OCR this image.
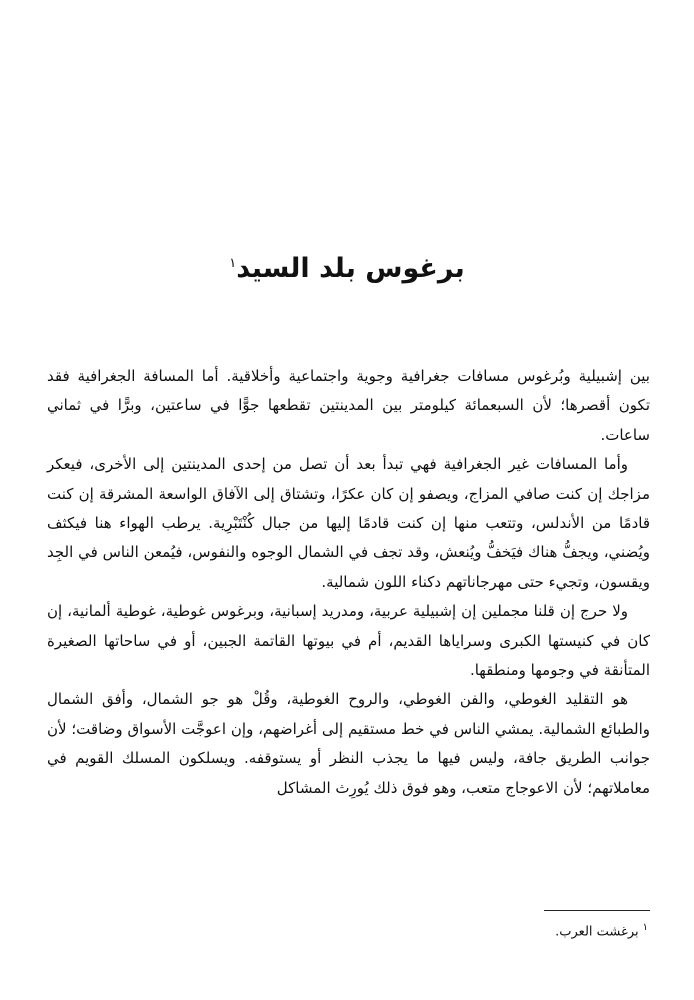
برغوس بلد السيد$^١$

بين إشبيلية وبُرغوس مسافات جغرافية وجوية واجتماعية وأخلاقية. أما المسافة الجغرافية فقد تكون أقصرها؛ لأن السبعمائة كيلومتر بين المدينتين تقطعها جوًّا في ساعتين، وبرًّا في ثماني ساعات.

وأما المسافات غير الجغرافية فهي تبدأ بعد أن تصل من إحدى المدينتين إلى الأخرى، فيعكر مزاجك إن كنت صافي المزاج، ويصفو إن كان عكرًا، وتشتاق إلى الآفاق الواسعة المشرقة إن كنت قادمًا من الأندلس، وتتعب منها إن كنت قادمًا إليها من جبال كُنْتَبْرِية. يرطب الهواء هنا فيكثف ويُضني، ويجفُّ هناك فيَخفُّ ويُنعش، وقد تجف في الشمال الوجوه والنفوس، فيُمعن الناس في الجِد ويقسون، وتجيء حتى مهرجاناتهم دكناء اللون شمالية.

ولا حرج إن قلنا مجملين إن إشبيلية عربية، ومدريد إسبانية، وبرغوس غوطية، غوطية ألمانية، إن كان في كنيستها الكبرى وسراياها القديم، أم في بيوتها القاتمة الجبين، أو في ساحاتها الصغيرة المتأنقة في وجومها ومنطقها.

هو التقليد الغوطي، والفن الغوطي، والروح الغوطية، وقُلْ هو جو الشمال، وأفق الشمال والطبائع الشمالية. يمشي الناس في خط مستقيم إلى أغراضهم، وإن اعوجَّت الأسواق وضاقت؛ لأن جوانب الطريق جافة، وليس فيها ما يجذب النظر أو يستوقفه. ويسلكون المسلك القويم في معاملاتهم؛ لأن الاعوجاج متعب، وهو فوق ذلك يُورِث المشاكل

$^١$برغشت العرب.
